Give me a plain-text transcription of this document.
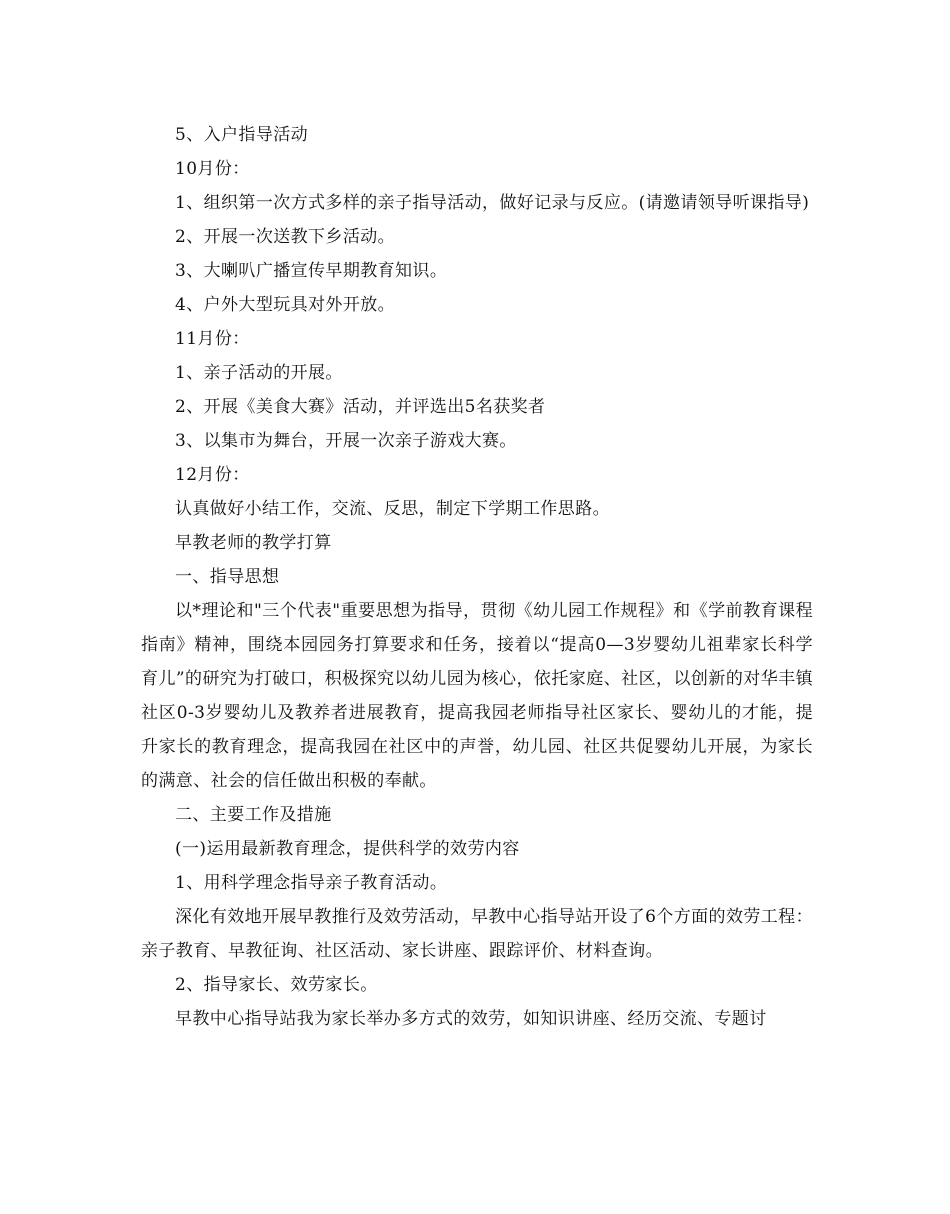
5、入户指导活动

10月份：

1、组织第一次方式多样的亲子指导活动，做好记录与反应。(请邀请领导听课指导)

2、开展一次送教下乡活动。

3、大喇叭广播宣传早期教育知识。

4、户外大型玩具对外开放。

11月份：

1、亲子活动的开展。

2、开展《美食大赛》活动，并评选出5名获奖者

3、以集市为舞台，开展一次亲子游戏大赛。

12月份：

认真做好小结工作，交流、反思，制定下学期工作思路。

早教老师的教学打算

一、指导思想

以*理论和"三个代表"重要思想为指导，贯彻《幼儿园工作规程》和《学前教育课程指南》精神，围绕本园园务打算要求和任务，接着以“提高0—3岁婴幼儿祖辈家长科学育儿”的研究为打破口，积极探究以幼儿园为核心，依托家庭、社区，以创新的对华丰镇社区0-3岁婴幼儿及教养者进展教育，提高我园老师指导社区家长、婴幼儿的才能，提升家长的教育理念，提高我园在社区中的声誉，幼儿园、社区共促婴幼儿开展，为家长的满意、社会的信任做出积极的奉献。

二、主要工作及措施

(一)运用最新教育理念，提供科学的效劳内容

1、用科学理念指导亲子教育活动。

深化有效地开展早教推行及效劳活动，早教中心指导站开设了6个方面的效劳工程：亲子教育、早教征询、社区活动、家长讲座、跟踪评价、材料查询。

2、指导家长、效劳家长。

早教中心指导站我为家长举办多方式的效劳，如知识讲座、经历交流、专题讨
